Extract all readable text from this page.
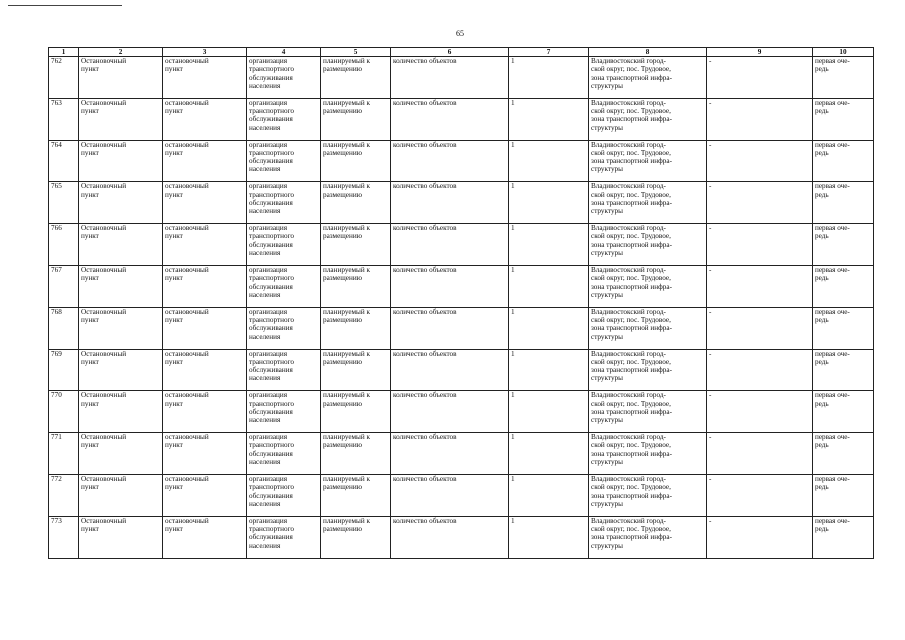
65
1	2	3	4	5	6	7	8	9	10

762	Остановочный
пункт	остановочный
пункт	организация
транспортного
обслуживания
населения	планируемый к
размещению	количество объектов	1	Владивостокский город-
ской округ, пос. Трудовое,
зона транспортной инфра-
структуры	-	первая оче-
редь

763	Остановочный
пункт	остановочный
пункт	организация
транспортного
обслуживания
населения	планируемый к
размещению	количество объектов	1	Владивостокский город-
ской округ, пос. Трудовое,
зона транспортной инфра-
структуры	-	первая оче-
редь

764	Остановочный
пункт	остановочный
пункт	организация
транспортного
обслуживания
населения	планируемый к
размещению	количество объектов	1	Владивостокский город-
ской округ, пос. Трудовое,
зона транспортной инфра-
структуры	-	первая оче-
редь

765	Остановочный
пункт	остановочный
пункт	организация
транспортного
обслуживания
населения	планируемый к
размещению	количество объектов	1	Владивостокский город-
ской округ, пос. Трудовое,
зона транспортной инфра-
структуры	-	первая оче-
редь

766	Остановочный
пункт	остановочный
пункт	организация
транспортного
обслуживания
населения	планируемый к
размещению	количество объектов	1	Владивостокский город-
ской округ, пос. Трудовое,
зона транспортной инфра-
структуры	-	первая оче-
редь

767	Остановочный
пункт	остановочный
пункт	организация
транспортного
обслуживания
населения	планируемый к
размещению	количество объектов	1	Владивостокский город-
ской округ, пос. Трудовое,
зона транспортной инфра-
структуры	-	первая оче-
редь

768	Остановочный
пункт	остановочный
пункт	организация
транспортного
обслуживания
населения	планируемый к
размещению	количество объектов	1	Владивостокский город-
ской округ, пос. Трудовое,
зона транспортной инфра-
структуры	-	первая оче-
редь

769	Остановочный
пункт	остановочный
пункт	организация
транспортного
обслуживания
населения	планируемый к
размещению	количество объектов	1	Владивостокский город-
ской округ, пос. Трудовое,
зона транспортной инфра-
структуры	-	первая оче-
редь

770	Остановочный
пункт	остановочный
пункт	организация
транспортного
обслуживания
населения	планируемый к
размещению	количество объектов	1	Владивостокский город-
ской округ, пос. Трудовое,
зона транспортной инфра-
структуры	-	первая оче-
редь

771	Остановочный
пункт	остановочный
пункт	организация
транспортного
обслуживания
населения	планируемый к
размещению	количество объектов	1	Владивостокский город-
ской округ, пос. Трудовое,
зона транспортной инфра-
структуры	-	первая оче-
редь

772	Остановочный
пункт	остановочный
пункт	организация
транспортного
обслуживания
населения	планируемый к
размещению	количество объектов	1	Владивостокский город-
ской округ, пос. Трудовое,
зона транспортной инфра-
структуры	-	первая оче-
редь

773	Остановочный
пункт	остановочный
пункт	организация
транспортного
обслуживания
населения	планируемый к
размещению	количество объектов	1	Владивостокский город-
ской округ, пос. Трудовое,
зона транспортной инфра-
структуры	-	первая оче-
редь
